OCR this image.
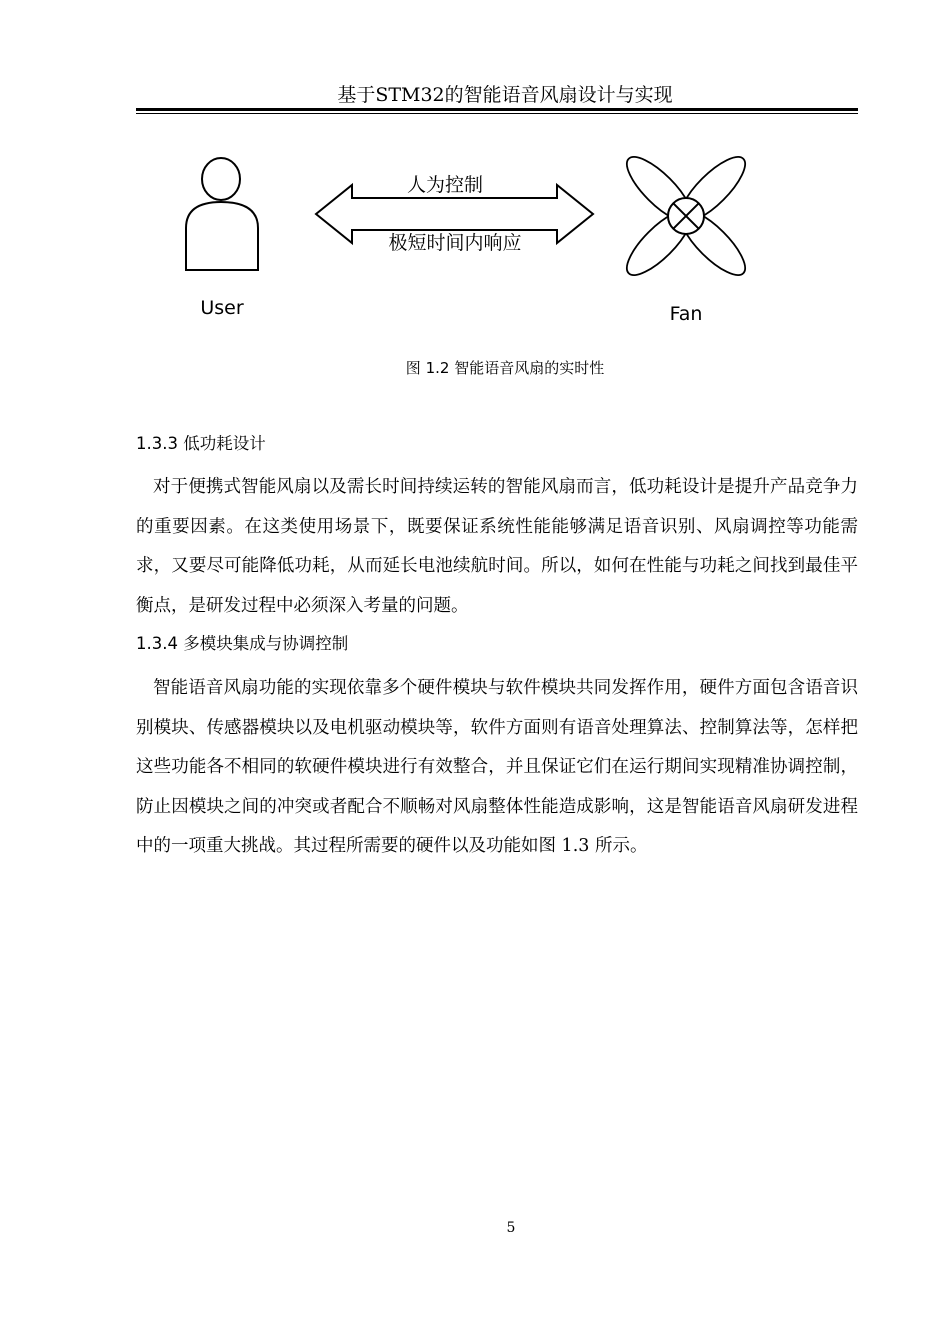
基于STM32的智能语音风扇设计与实现
User
人为控制
极短时间内响应
Fan
图 1.2 智能语音风扇的实时性
1.3.3 低功耗设计

对于便携式智能风扇以及需长时间持续运转的智能风扇而言，低功耗设计是提升产品竞争力的重要因素。在这类使用场景下，既要保证系统性能能够满足语音识别、风扇调控等功能需求，又要尽可能降低功耗，从而延长电池续航时间。所以，如何在性能与功耗之间找到最佳平衡点，是研发过程中必须深入考量的问题。

1.3.4 多模块集成与协调控制

智能语音风扇功能的实现依靠多个硬件模块与软件模块共同发挥作用，硬件方面包含语音识别模块、传感器模块以及电机驱动模块等，软件方面则有语音处理算法、控制算法等，怎样把这些功能各不相同的软硬件模块进行有效整合，并且保证它们在运行期间实现精准协调控制，防止因模块之间的冲突或者配合不顺畅对风扇整体性能造成影响，这是智能语音风扇研发进程中的一项重大挑战。其过程所需要的硬件以及功能如图 1.3 所示。

5
